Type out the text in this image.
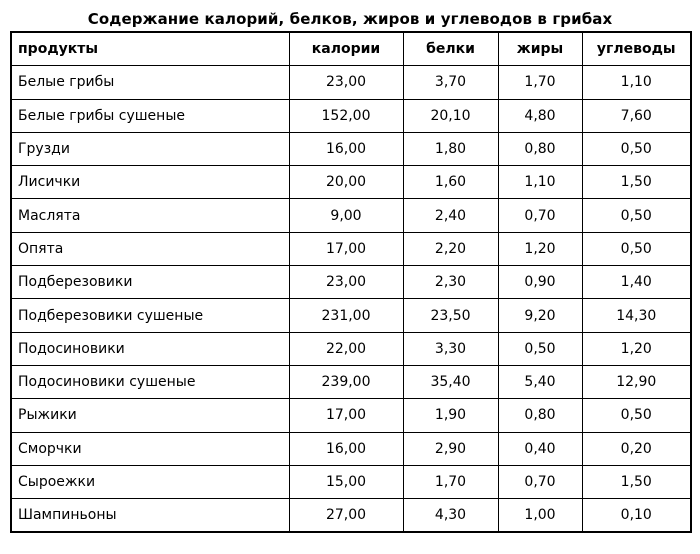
Содержание калорий, белков, жиров и углеводов в грибах
продукты	калории	белки	жиры	углеводы
Белые грибы	23,00	3,70	1,70	1,10
Белые грибы сушеные	152,00	20,10	4,80	7,60
Грузди	16,00	1,80	0,80	0,50
Лисички	20,00	1,60	1,10	1,50
Маслята	9,00	2,40	0,70	0,50
Опята	17,00	2,20	1,20	0,50
Подберезовики	23,00	2,30	0,90	1,40
Подберезовики сушеные	231,00	23,50	9,20	14,30
Подосиновики	22,00	3,30	0,50	1,20
Подосиновики сушеные	239,00	35,40	5,40	12,90
Рыжики	17,00	1,90	0,80	0,50
Сморчки	16,00	2,90	0,40	0,20
Сыроежки	15,00	1,70	0,70	1,50
Шампиньоны	27,00	4,30	1,00	0,10
